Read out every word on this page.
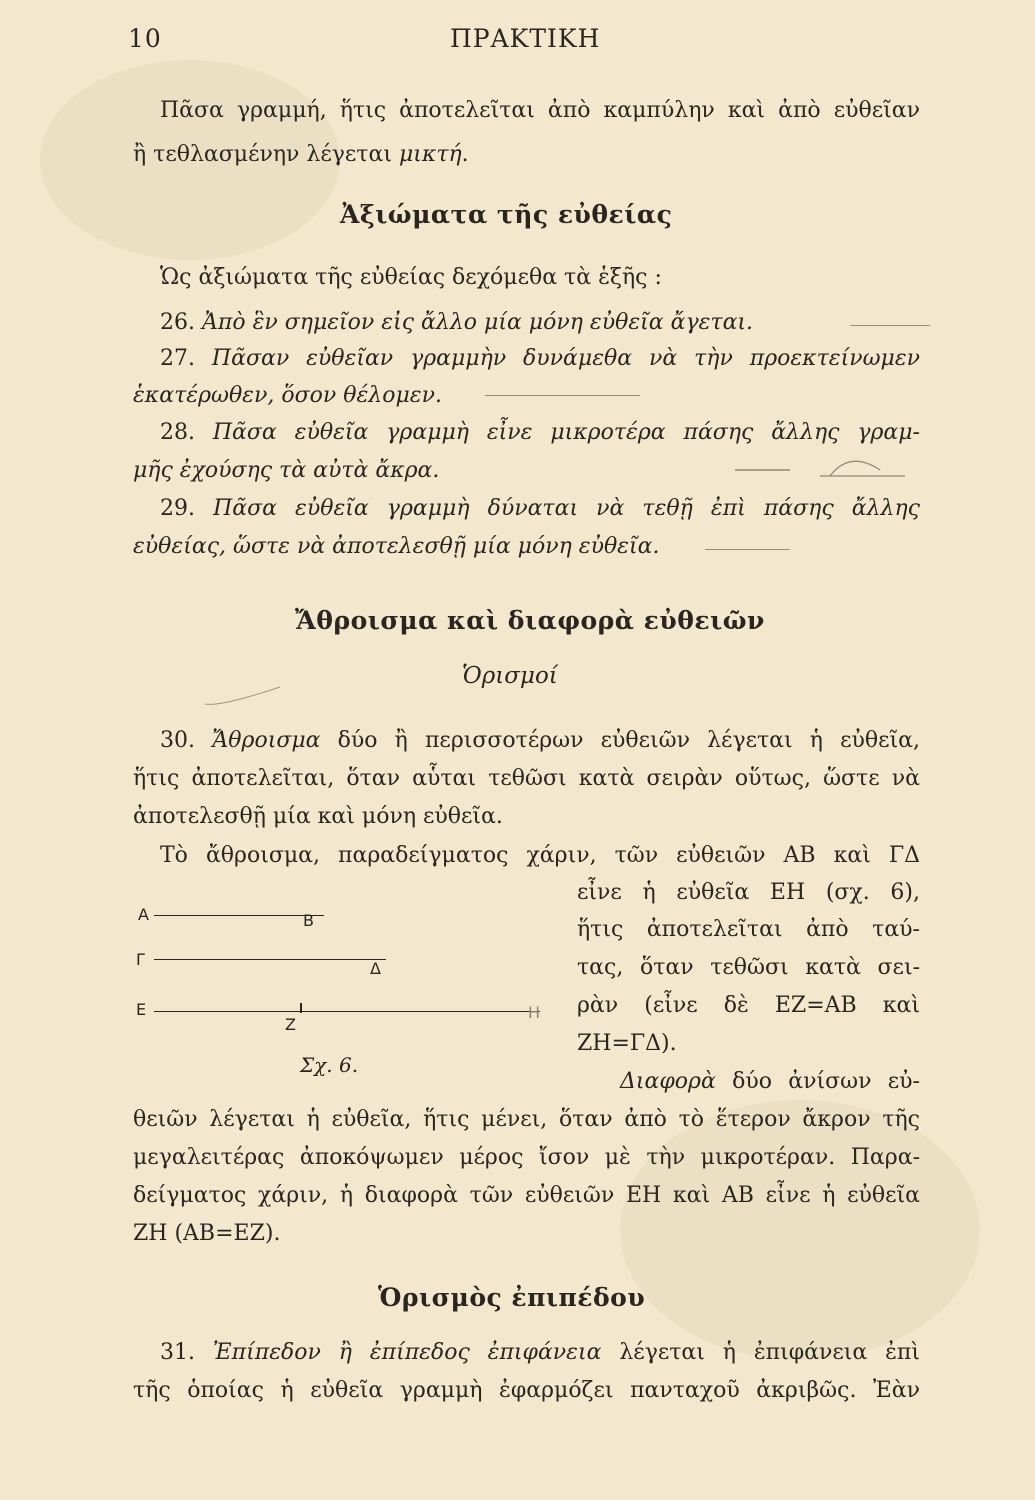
10	ΠΡΑΚΤΙΚΗ
Πᾶσα γραμμή, ἥτις ἀποτελεῖται ἀπὸ καμπύλην καὶ ἀπὸ εὐθεῖαν
ἢ τεθλασμένην λέγεται μικτή.
Ἀξιώματα τῆς εὐθείας
Ὡς ἀξιώματα τῆς εὐθείας δεχόμεθα τὰ ἑξῆς :
26. Ἀπὸ ἓν σημεῖον εἰς ἄλλο μία μόνη εὐθεῖα ἄγεται.
27. Πᾶσαν εὐθεῖαν γραμμὴν δυνάμεθα νὰ τὴν προεκτείνωμεν
ἑκατέρωθεν, ὅσον θέλομεν.
28. Πᾶσα εὐθεῖα γραμμὴ εἶνε μικροτέρα πάσης ἄλλης γραμ-
μῆς ἐχούσης τὰ αὐτὰ ἄκρα.
29. Πᾶσα εὐθεῖα γραμμὴ δύναται νὰ τεθῇ ἐπὶ πάσης ἄλλης
εὐθείας, ὥστε νὰ ἀποτελεσθῇ μία μόνη εὐθεῖα.
Ἄθροισμα καὶ διαφορὰ εὐθειῶν
Ὁρισμοί
30. Ἄθροισμα δύο ἢ περισσοτέρων εὐθειῶν λέγεται ἡ εὐθεῖα,
ἥτις ἀποτελεῖται, ὅταν αὗται τεθῶσι κατὰ σειρὰν οὕτως, ὥστε νὰ
ἀποτελεσθῇ μία καὶ μόνη εὐθεῖα.
Τὸ ἄθροισμα, παραδείγματος χάριν, τῶν εὐθειῶν ΑΒ καὶ ΓΔ
εἶνε ἡ εὐθεῖα ΕΗ (σχ. 6),
ἥτις ἀποτελεῖται ἀπὸ ταύ-
τας, ὅταν τεθῶσι κατὰ σει-
ρὰν (εἶνε δὲ ΕΖ=ΑΒ καὶ
ΖΗ=ΓΔ).
Διαφορὰ δύο ἀνίσων εὐ-
θειῶν λέγεται ἡ εὐθεῖα, ἥτις μένει, ὅταν ἀπὸ τὸ ἕτερον ἄκρον τῆς
μεγαλειτέρας ἀποκόψωμεν μέρος ἴσον μὲ τὴν μικροτέραν. Παρα-
δείγματος χάριν, ἡ διαφορὰ τῶν εὐθειῶν ΕΗ καὶ ΑΒ εἶνε ἡ εὐθεῖα
ΖΗ (ΑΒ=ΕΖ).
Α	Β
Γ	Δ
Ε
Ζ
Η
Σχ. 6.
Ὁρισμὸς ἐπιπέδου
31. Ἐπίπεδον ἢ ἐπίπεδος ἐπιφάνεια λέγεται ἡ ἐπιφάνεια ἐπὶ
τῆς ὁποίας ἡ εὐθεῖα γραμμὴ ἐφαρμόζει πανταχοῦ ἀκριβῶς. Ἐὰν
